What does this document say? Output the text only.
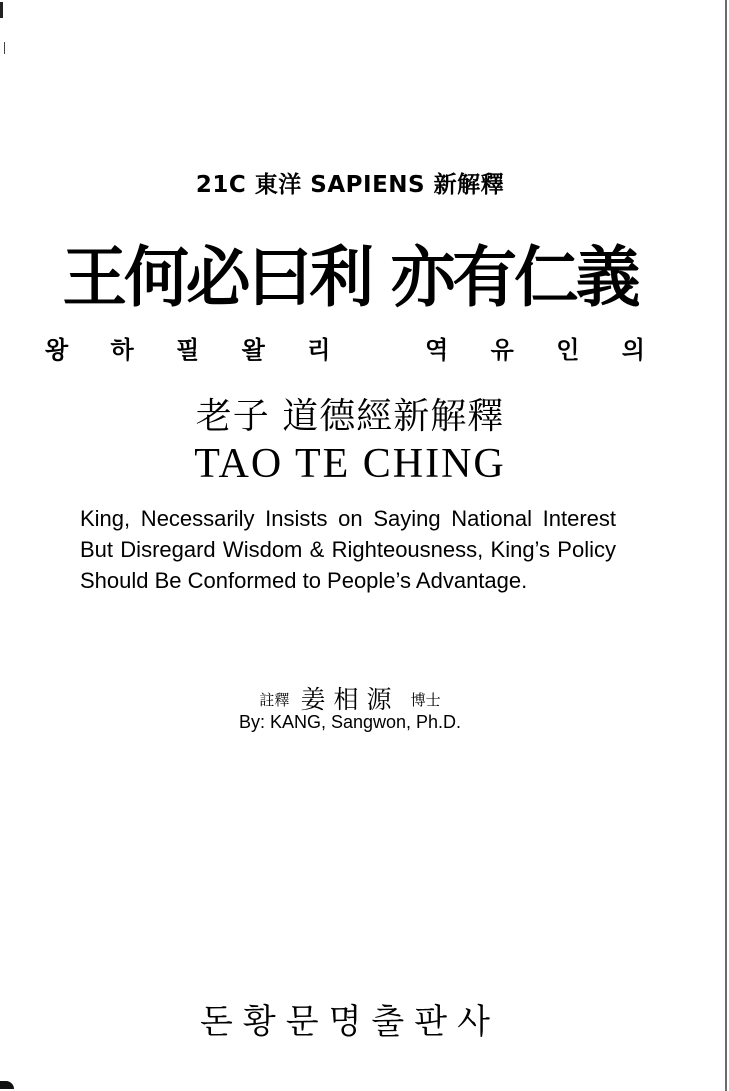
21C 東洋 SAPIENS 新解釋
王何必曰利 亦有仁義
왕 하 필 왈 리	역 유 인 의
老子 道德經新解釋
TAO TE CHING
King, Necessarily Insists on Saying National Interest But Disregard Wisdom & Righteousness, King’s Policy Should Be Conformed to People’s Advantage.
註釋 姜相源 博士
By: KANG, Sangwon, Ph.D.
돈황문명출판사
